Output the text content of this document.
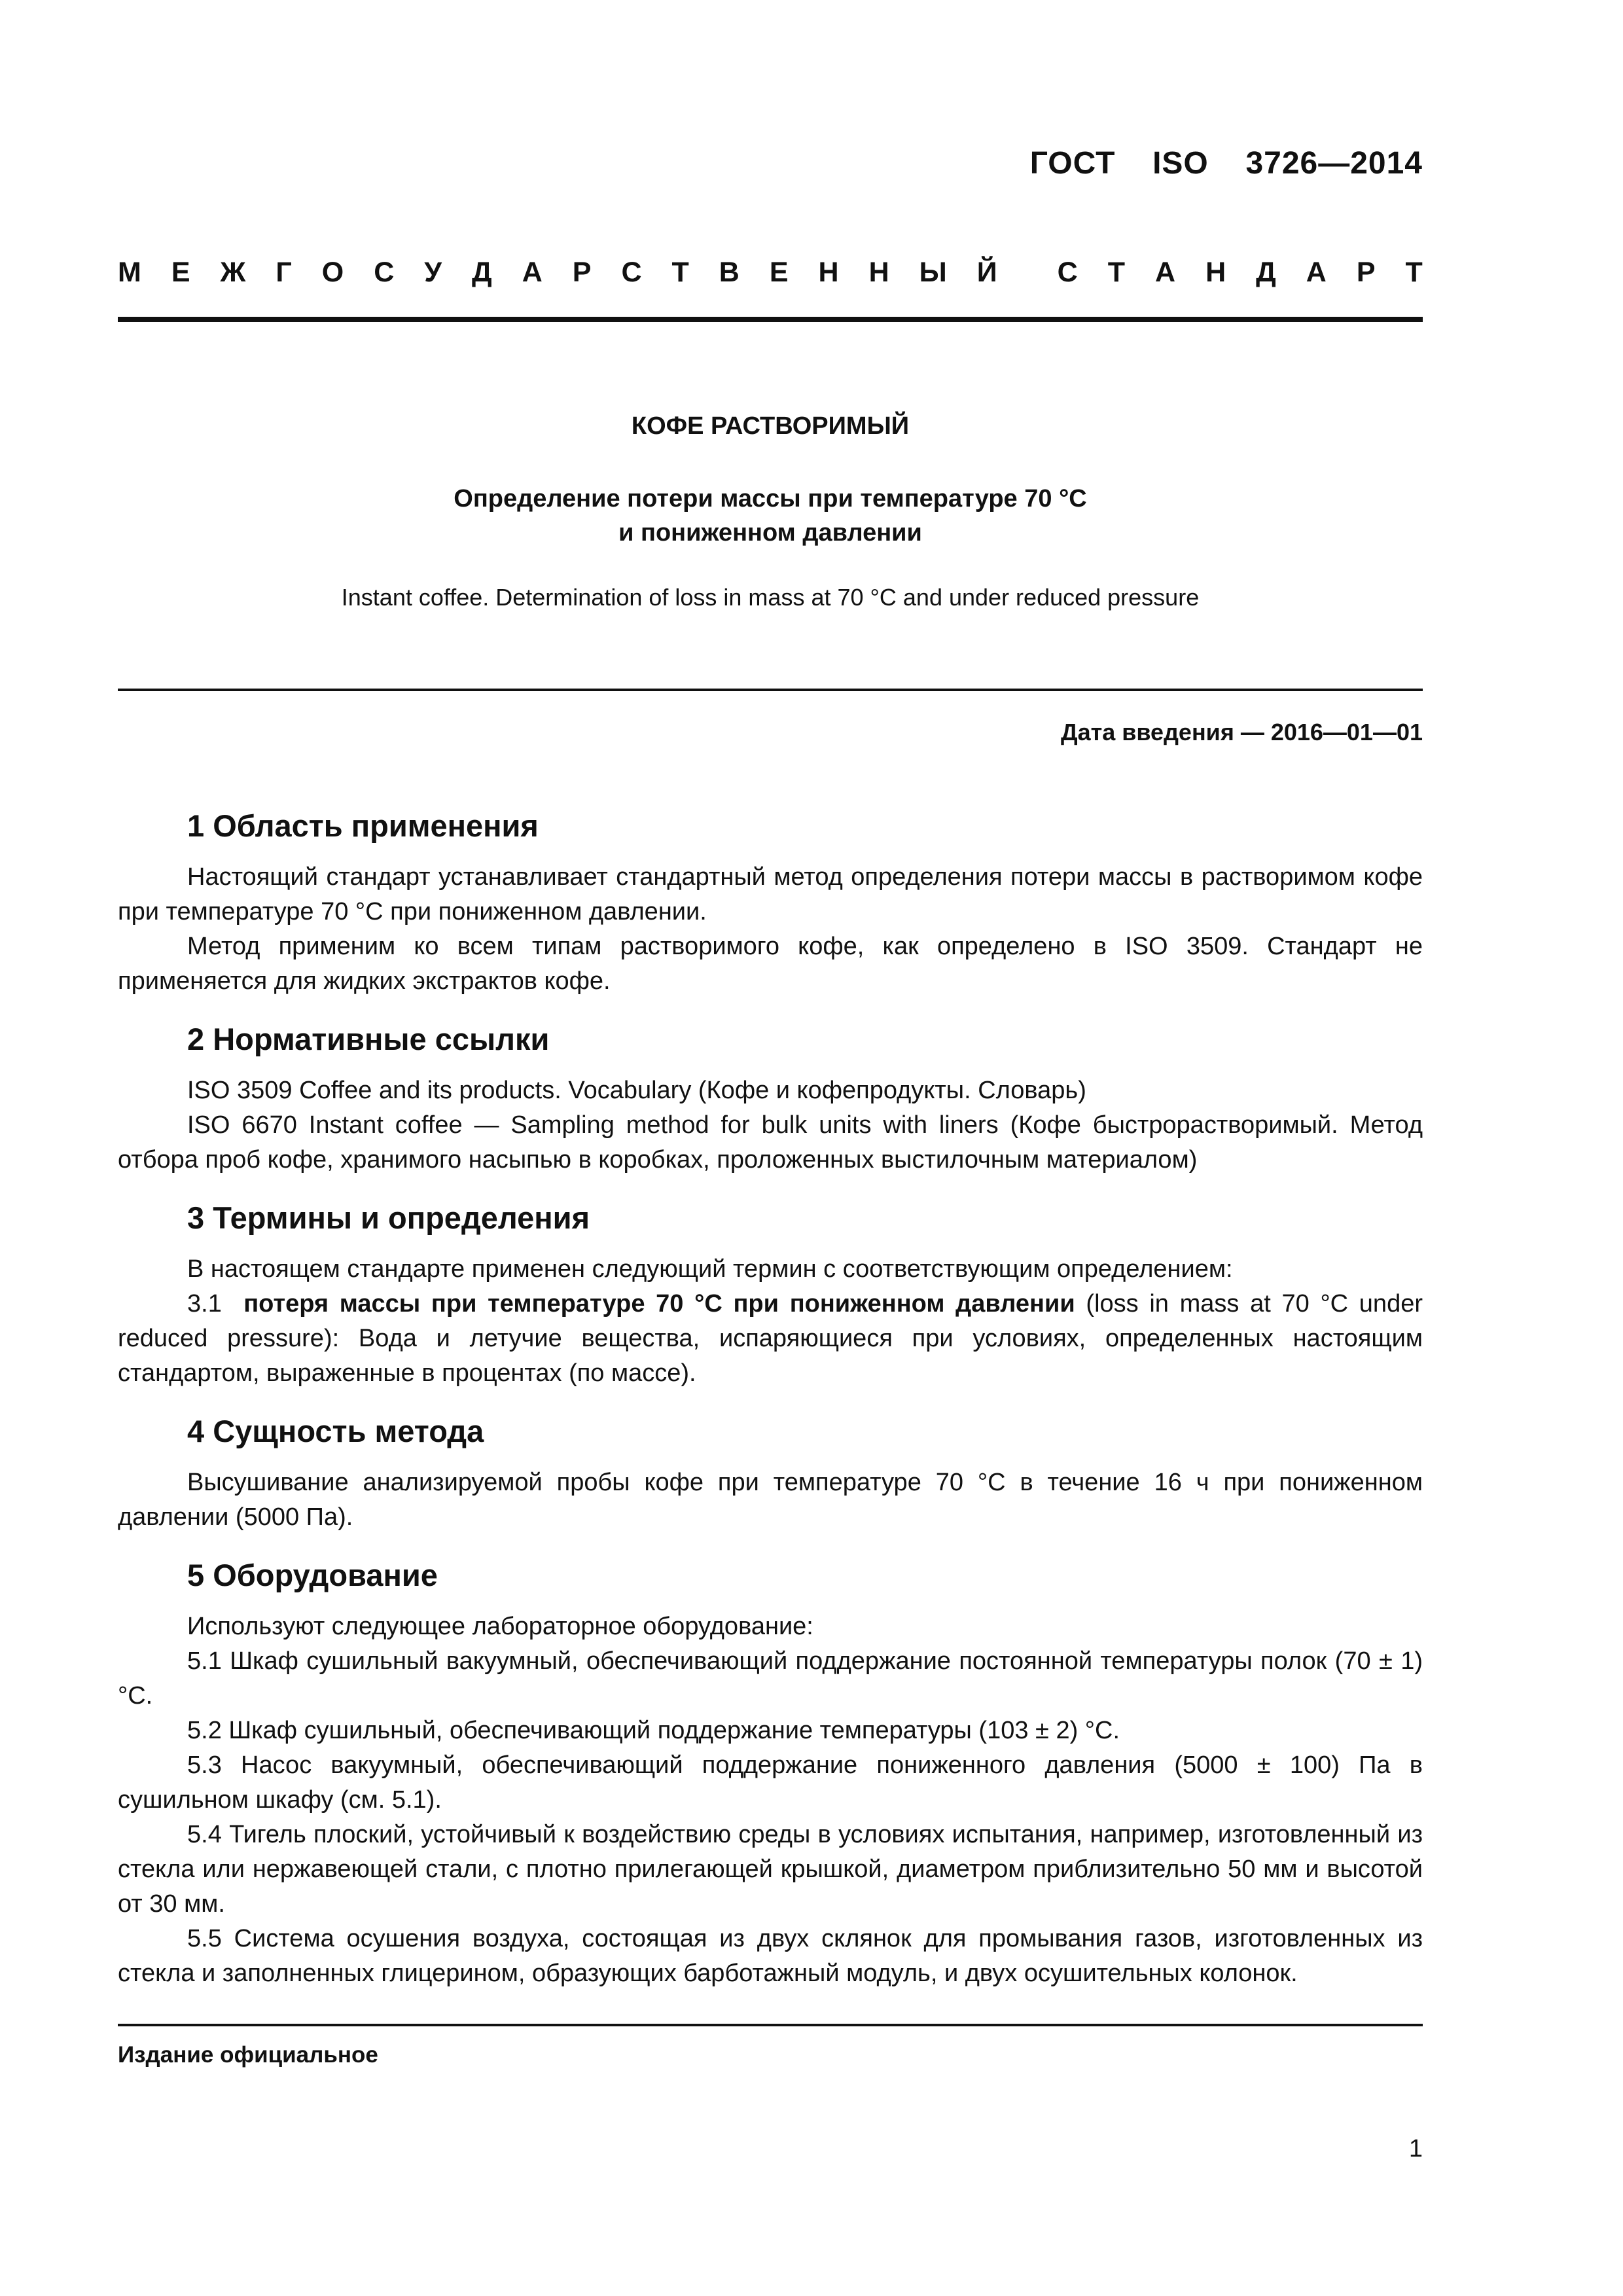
ГОСТ  ISO  3726—2014
М Е Ж Г О С У Д А Р С Т В Е Н Н Ы Й С Т А Н Д А Р Т
КОФЕ РАСТВОРИМЫЙ
Определение потери массы при температуре 70 °С
и пониженном давлении
Instant coffee. Determination of loss in mass at 70 °C and under reduced pressure
Дата введения — 2016—01—01
1 Область применения

Настоящий стандарт устанавливает стандартный метод определения потери массы в растворимом кофе при температуре 70 °С при пониженном давлении.

Метод применим ко всем типам растворимого кофе, как определено в ISO 3509. Стандарт не применяется для жидких экстрактов кофе.

2 Нормативные ссылки

ISO 3509 Coffee and its products. Vocabulary (Кофе и кофепродукты. Словарь)

ISO 6670 Instant coffee — Sampling method for bulk units with liners (Кофе быстрорастворимый. Метод отбора проб кофе, хранимого насыпью в коробках, проложенных выстилочным материалом)

3 Термины и определения

В настоящем стандарте применен следующий термин с соответствующим определением:

3.1 потеря массы при температуре 70 °С при пониженном давлении (loss in mass at 70 °C under reduced pressure): Вода и летучие вещества, испаряющиеся при условиях, определенных настоящим стандартом, выраженные в процентах (по массе).

4 Сущность метода

Высушивание анализируемой пробы кофе при температуре 70 °С в течение 16 ч при пониженном давлении (5000 Па).

5 Оборудование

Используют следующее лабораторное оборудование:

5.1 Шкаф сушильный вакуумный, обеспечивающий поддержание постоянной температуры полок (70 ± 1) °С.

5.2 Шкаф сушильный, обеспечивающий поддержание температуры (103 ± 2) °С.

5.3 Насос вакуумный, обеспечивающий поддержание пониженного давления (5000 ± 100) Па в сушильном шкафу (см. 5.1).

5.4 Тигель плоский, устойчивый к воздействию среды в условиях испытания, например, изготовленный из стекла или нержавеющей стали, с плотно прилегающей крышкой, диаметром приблизительно 50 мм и высотой от 30 мм.

5.5 Система осушения воздуха, состоящая из двух склянок для промывания газов, изготовленных из стекла и заполненных глицерином, образующих барботажный модуль, и двух осушительных колонок.

Издание официальное
1
